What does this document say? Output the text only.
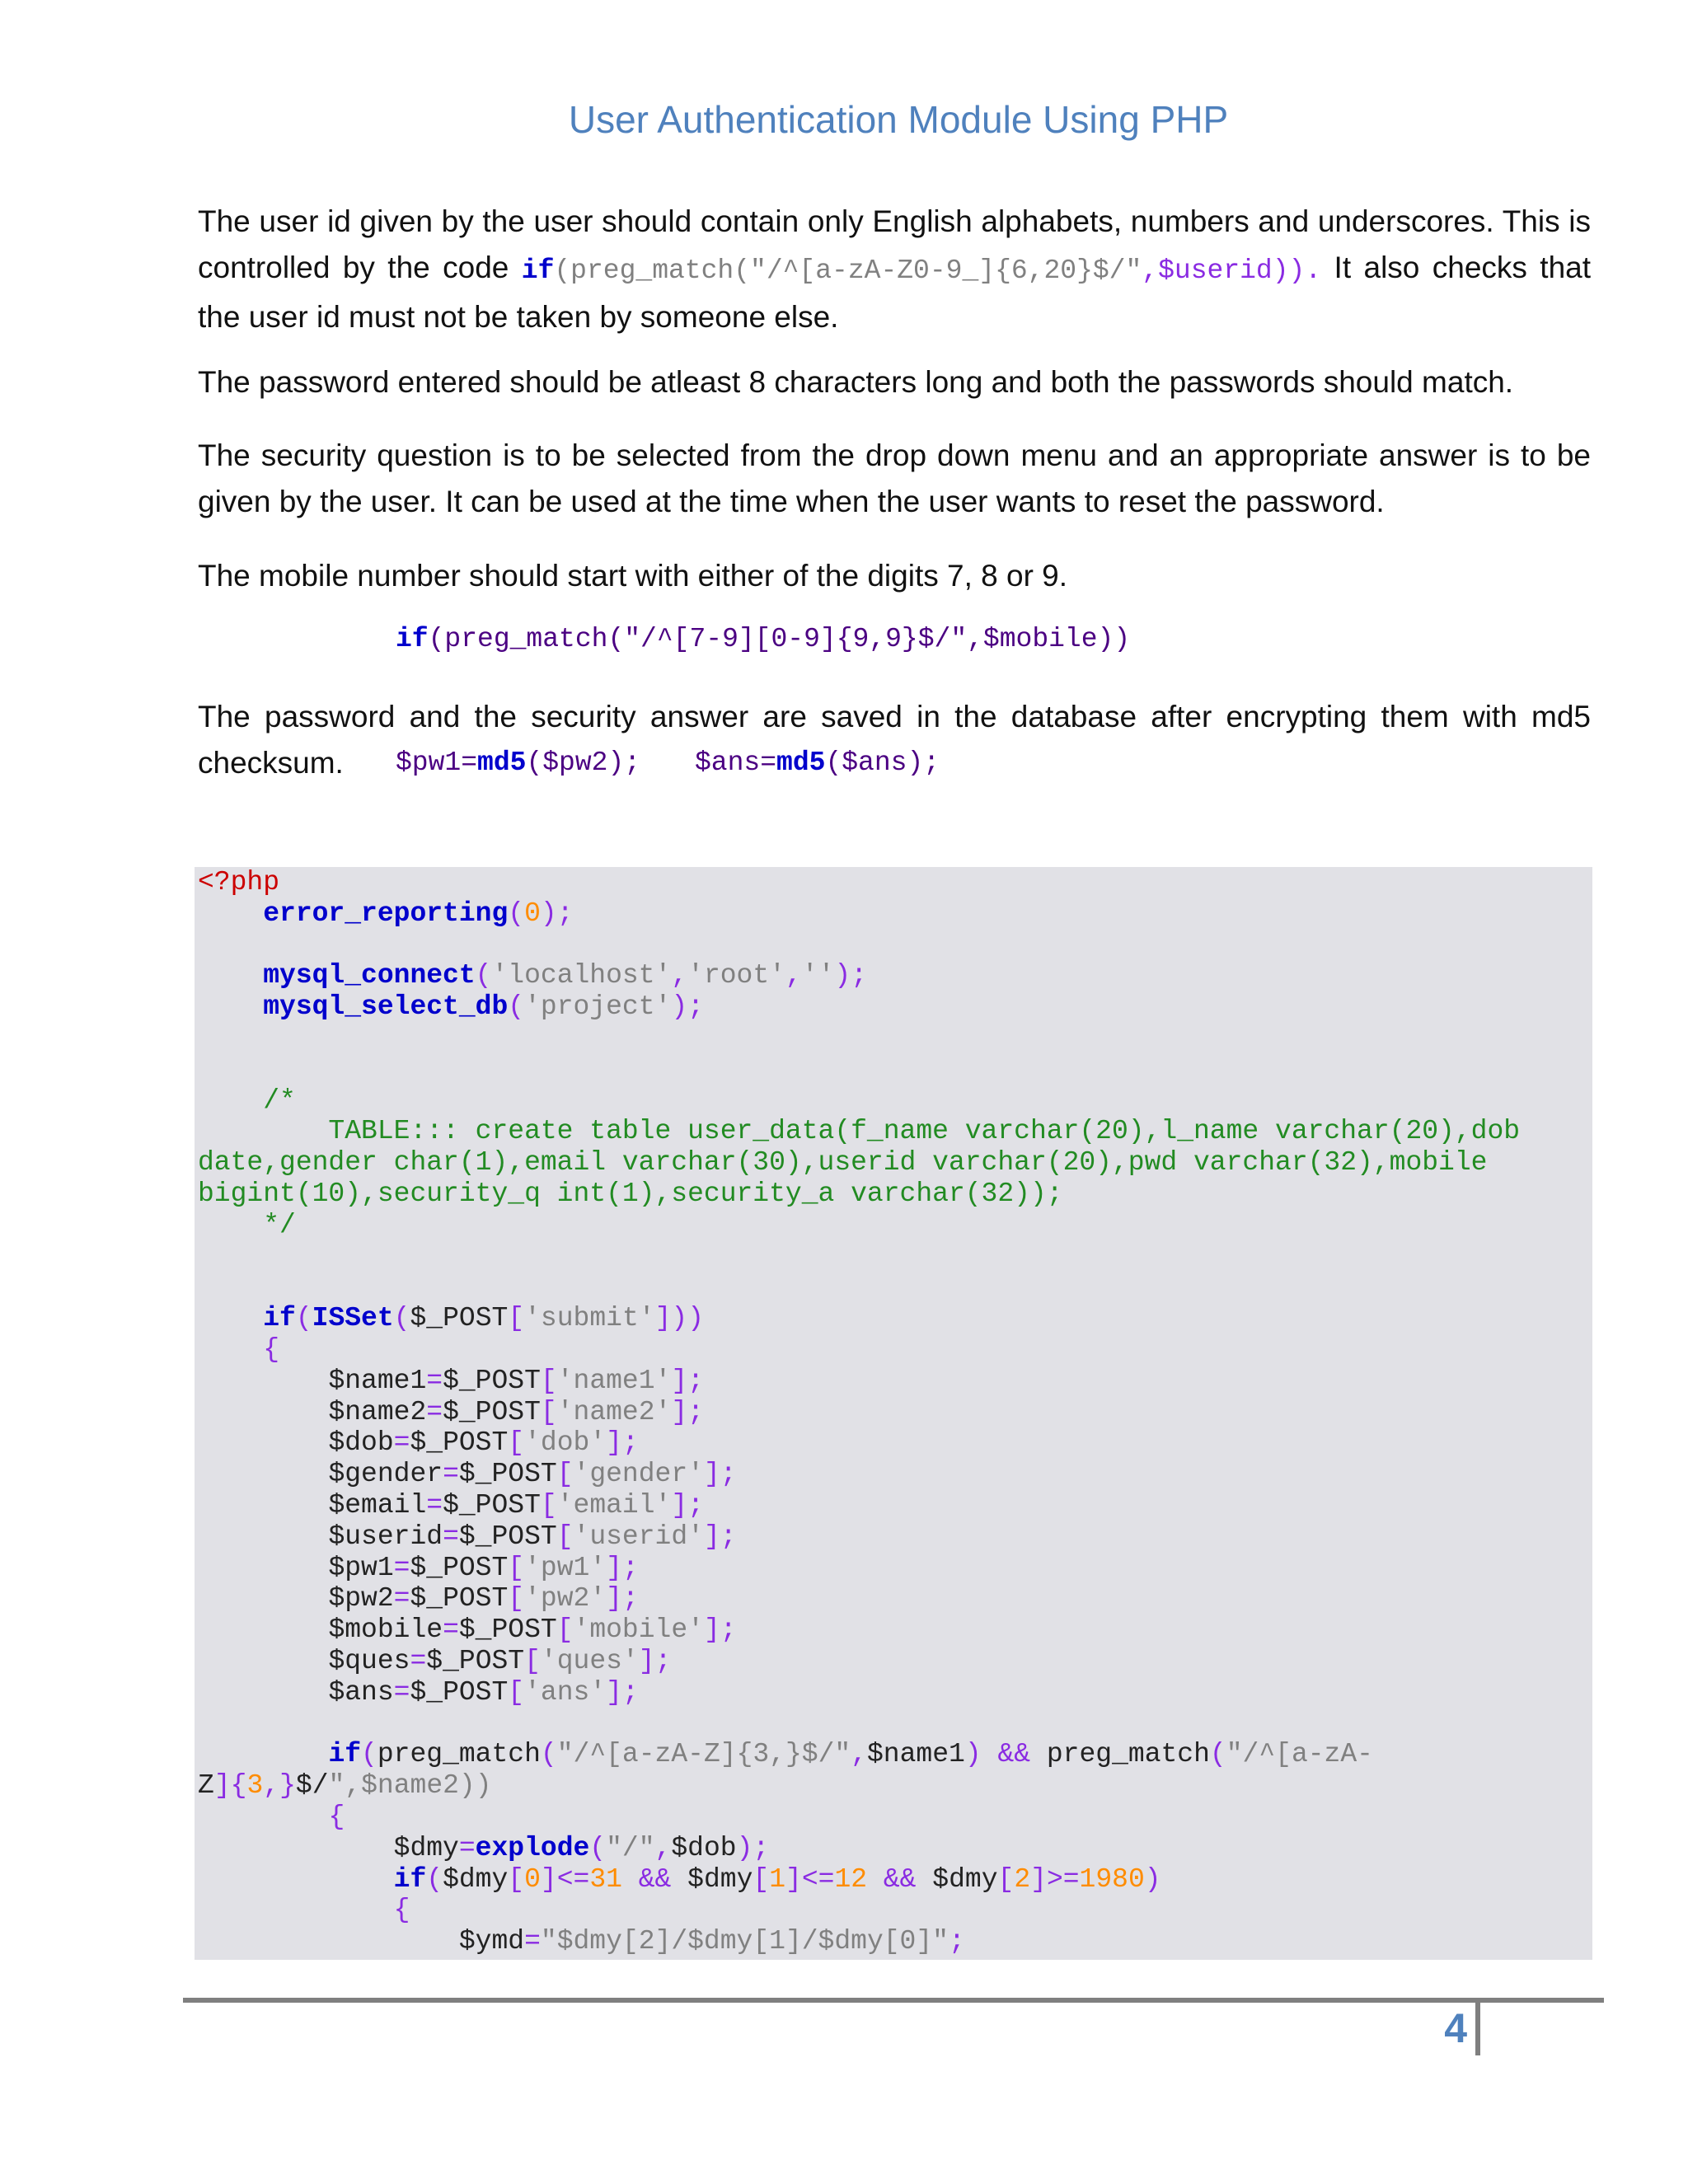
User Authentication Module Using PHP

The user id given by the user should contain only English alphabets, numbers and underscores. This is controlled by the code if(preg_match("/^[a-zA-Z0-9_]{6,20}$/",$userid)). It also checks that the user id must not be taken by someone else.

The password entered should be atleast 8 characters long and both the passwords should match.

The security question is to be selected from the drop down menu and an appropriate answer is to be given by the user. It can be used at the time when the user wants to reset the password.

The mobile number should start with either of the digits 7, 8 or 9.

if(preg_match("/^[7-9][0-9]{9,9}$/",$mobile))

The password and the security answer are saved in the database after encrypting them with md5 checksum.	$pw1=md5($pw2); $ans=md5($ans);
<?php
error_reporting(0);
mysql_connect('localhost','root','');
mysql_select_db('project');
/*
TABLE::: create table user_data(f_name varchar(20),l_name varchar(20),dob
date,gender char(1),email varchar(30),userid varchar(20),pwd varchar(32),mobile
bigint(10),security_q int(1),security_a varchar(32));
*/
if(ISSet($_POST['submit']))
{
$name1=$_POST['name1'];
$name2=$_POST['name2'];
$dob=$_POST['dob'];
$gender=$_POST['gender'];
$email=$_POST['email'];
$userid=$_POST['userid'];
$pw1=$_POST['pw1'];
$pw2=$_POST['pw2'];
$mobile=$_POST['mobile'];
$ques=$_POST['ques'];
$ans=$_POST['ans'];
if(preg_match("/^[a-zA-Z]{3,}$/",$name1) && preg_match("/^[a-zA-
Z]{3,}$/",$name2))
{
$dmy=explode("/",$dob);
if($dmy[0]<=31 && $dmy[1]<=12 && $dmy[2]>=1980)
{
$ymd="$dmy[2]/$dmy[1]/$dmy[0]";
4
